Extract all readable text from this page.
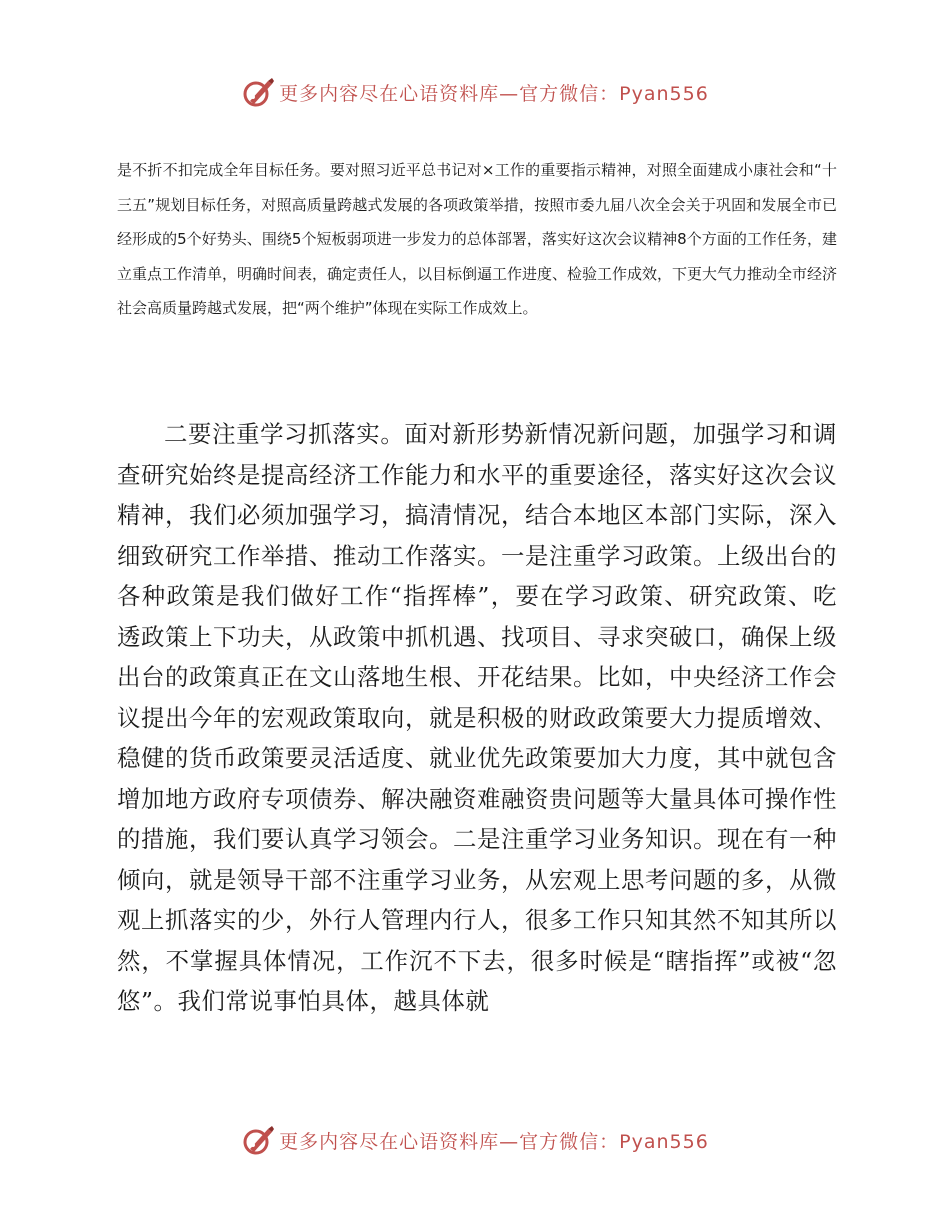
更多内容尽在心语资料库—官方微信：Pyan556

是不折不扣完成全年目标任务。要对照习近平总书记对×工作的重要指示精神，对照全面建成小康社会和“十三五”规划目标任务，对照高质量跨越式发展的各项政策举措，按照市委九届八次全会关于巩固和发展全市已经形成的5个好势头、围绕5个短板弱项进一步发力的总体部署，落实好这次会议精神8个方面的工作任务，建立重点工作清单，明确时间表，确定责任人，以目标倒逼工作进度、检验工作成效，下更大气力推动全市经济社会高质量跨越式发展，把“两个维护”体现在实际工作成效上。

二要注重学习抓落实。面对新形势新情况新问题，加强学习和调查研究始终是提高经济工作能力和水平的重要途径，落实好这次会议精神，我们必须加强学习，搞清情况，结合本地区本部门实际，深入细致研究工作举措、推动工作落实。一是注重学习政策。上级出台的各种政策是我们做好工作“指挥棒”，要在学习政策、研究政策、吃透政策上下功夫，从政策中抓机遇、找项目、寻求突破口，确保上级出台的政策真正在文山落地生根、开花结果。比如，中央经济工作会议提出今年的宏观政策取向，就是积极的财政政策要大力提质增效、稳健的货币政策要灵活适度、就业优先政策要加大力度，其中就包含增加地方政府专项债券、解决融资难融资贵问题等大量具体可操作性的措施，我们要认真学习领会。二是注重学习业务知识。现在有一种倾向，就是领导干部不注重学习业务，从宏观上思考问题的多，从微观上抓落实的少，外行人管理内行人，很多工作只知其然不知其所以然，不掌握具体情况，工作沉不下去，很多时候是“瞎指挥”或被“忽悠”。我们常说事怕具体，越具体就

更多内容尽在心语资料库—官方微信：Pyan556
